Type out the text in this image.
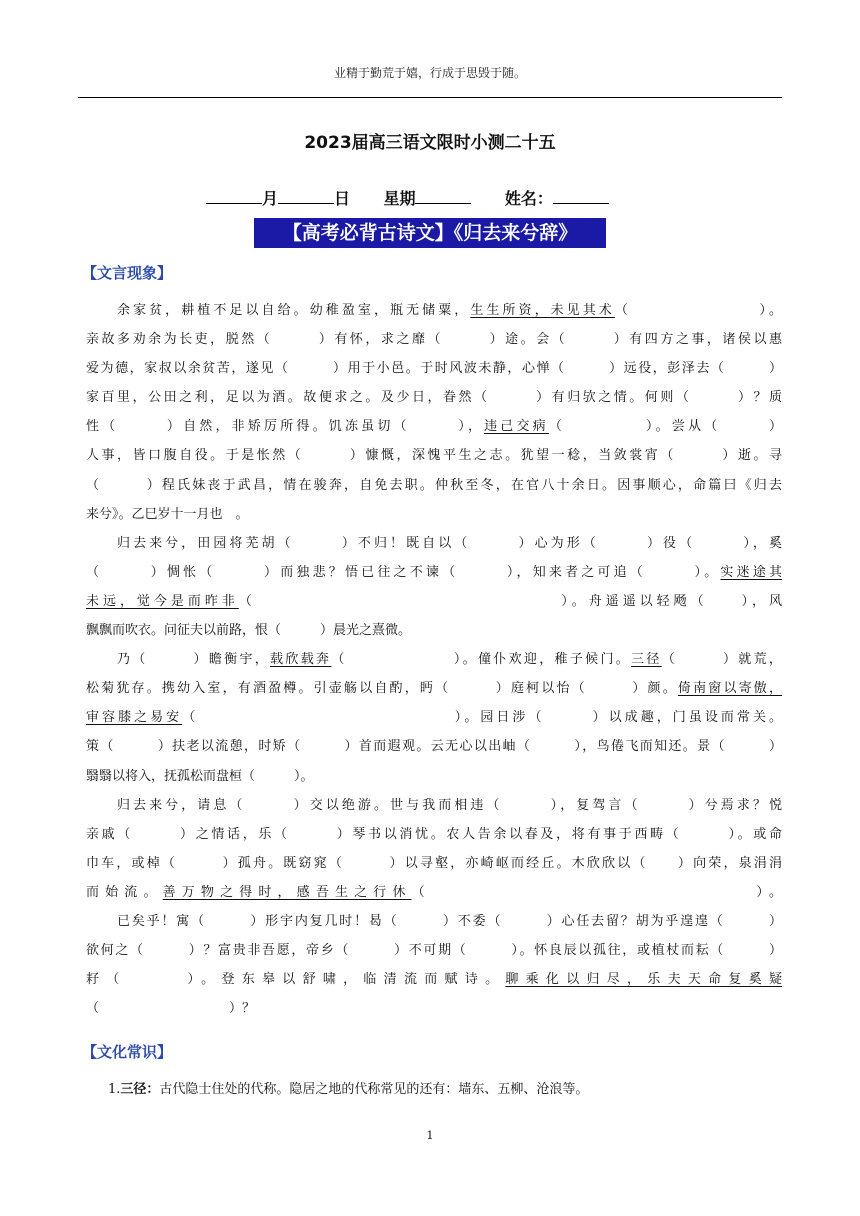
业精于勤荒于嬉，行成于思毁于随。
2023届高三语文限时小测二十五
月	日 星期	姓名：
【高考必背古诗文】《归去来兮辞》
【文言现象】
余家贫，耕植不足以自给。幼稚盈室，瓶无储粟，生生所资，未见其术（　　　　　　　　）。
亲故多劝余为长吏，脱然（　　　）有怀，求之靡（　　　）途。会（　　　）有四方之事，诸侯以惠
爱为德，家叔以余贫苦，遂见（　　　）用于小邑。于时风波未静，心惮（　　　）远役，彭泽去（　　　）
家百里，公田之利，足以为酒。故便求之。及少日，眷然（　　　）有归欤之情。何则（　　　）？质
性（　　　）自然，非矫厉所得。饥冻虽切（　　　），违己交病（　　　　　）。尝从（　　　）
人事，皆口腹自役。于是怅然（　　　）慷慨，深愧平生之志。犹望一稔，当敛裳宵（　　　）逝。寻
（　　　）程氏妹丧于武昌，情在骏奔，自免去职。仲秋至冬，在官八十余日。因事顺心，命篇曰《归去
来兮》。乙巳岁十一月也　。
归去来兮，田园将芜胡（　　　）不归！既自以（　　　）心为形（　　　）役（　　　），奚
（　　　）惆怅（　　　）而独悲？悟已往之不谏（　　　），知来者之可追（　　　）。实迷途其
未远，觉今是而昨非（　　　　　　　　　　　　　　　　　　）。舟遥遥以轻飏（　　），风
飘飘而吹衣。问征夫以前路，恨（　　　）晨光之熹微。
乃（　　　）瞻衡宇，载欣载奔（　　　　　　　）。僮仆欢迎，稚子候门。三径（　　　）就荒，
松菊犹存。携幼入室，有酒盈樽。引壶觞以自酌，眄（　　　）庭柯以怡（　　　）颜。倚南窗以寄傲，
审容膝之易安（　　　　　　　　　　　　　　　　）。园日涉（　　　）以成趣，门虽设而常关。
策（　　　）扶老以流憩，时矫（　　　）首而遐观。云无心以出岫（　　　），鸟倦飞而知还。景（　　　）
翳翳以将入，抚孤松而盘桓（　　　）。
归去来兮，请息（　　　）交以绝游。世与我而相违（　　　），复驾言（　　　）兮焉求？悦
亲戚（　　　）之情话，乐（　　　）琴书以消忧。农人告余以春及，将有事于西畴（　　　）。或命
巾车，或棹（　　　）孤舟。既窈窕（　　　）以寻壑，亦崎岖而经丘。木欣欣以（　　）向荣，泉涓涓
而始流。善万物之得时，感吾生之行休（　　　　　　　　　　　　　　　　　）。
已矣乎！寓（　　　）形宇内复几时！曷（　　　）不委（　　　）心任去留？胡为乎遑遑（　　　）
欲何之（　　　）？富贵非吾愿，帝乡（　　　）不可期（　　　）。怀良辰以孤往，或植杖而耘（　　　）
耔（　　　）。登东皋以舒啸，临清流而赋诗。聊乘化以归尽，乐夫天命复奚疑
（　　　　　　　　　　）？
【文化常识】
1.三径：古代隐士住处的代称。隐居之地的代称常见的还有：墙东、五柳、沧浪等。
1
